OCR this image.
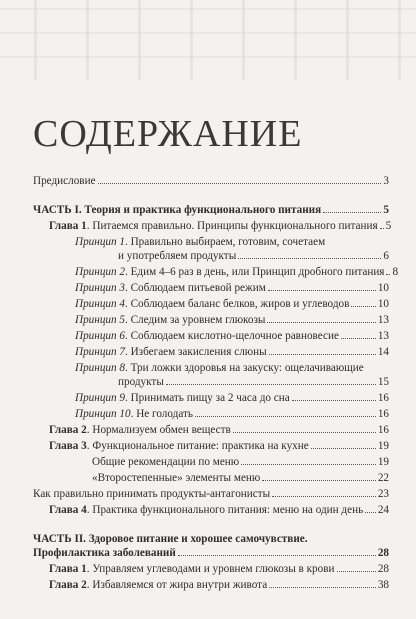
СОДЕРЖАНИЕ
Предисловие	3
ЧАСТЬ I. Теория и практика функционального питания	5
Глава 1. Питаемся правильно. Принципы функционального питания 5
Принцип 1. Правильно выбираем, готовим, сочетаем
и употребляем продукты	6
Принцип 2. Едим 4–6 раз в день, или Принцип дробного питания 8
Принцип 3. Соблюдаем питьевой режим	10
Принцип 4. Соблюдаем баланс белков, жиров и углеводов	10
Принцип 5. Следим за уровнем глюкозы	13
Принцип 6. Соблюдаем кислотно-щелочное равновесие	13
Принцип 7. Избегаем закисления слюны	14
Принцип 8. Три ложки здоровья на закуску: ощелачивающие
продукты	15
Принцип 9. Принимать пищу за 2 часа до сна	16
Принцип 10. Не голодать	16
Глава 2. Нормализуем обмен веществ	16
Глава 3. Функциональное питание: практика на кухне	19
Общие рекомендации по меню	19
«Второстепенные» элементы меню	22
Как правильно принимать продукты-антагонисты	23
Глава 4. Практика функционального питания: меню на один день 24
ЧАСТЬ II. Здоровое питание и хорошее самочувствие.
Профилактика заболеваний	28
Глава 1. Управляем углеводами и уровнем глюкозы в крови	28
Глава 2. Избавляемся от жира внутри живота	38
